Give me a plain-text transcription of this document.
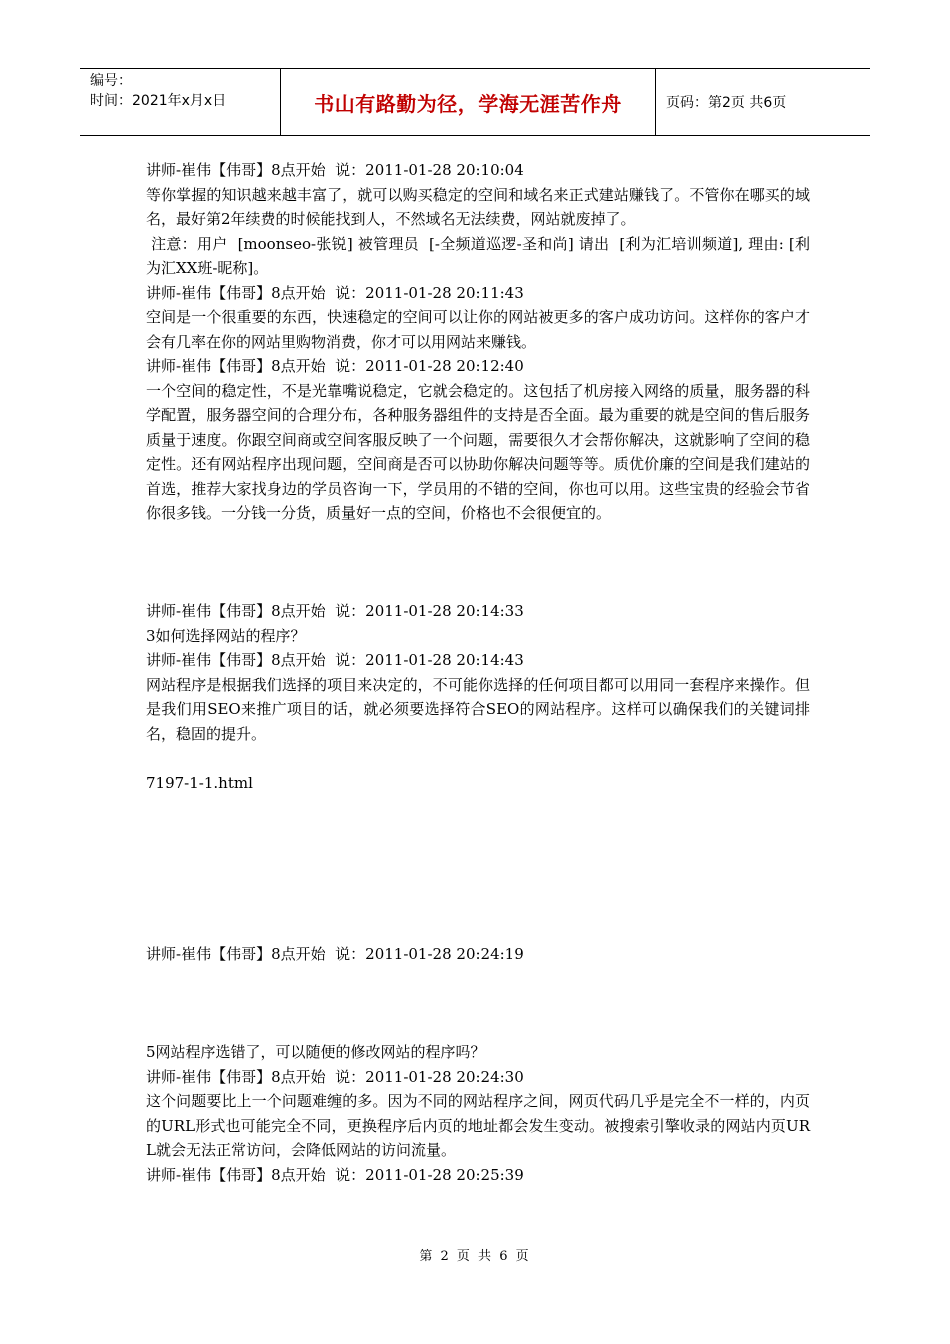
编号：
时间：2021年x月x日	书山有路勤为径，学海无涯苦作舟	页码：第2页 共6页

讲师-崔伟【伟哥】8点开始  说：2011-01-28 20:10:04

等你掌握的知识越来越丰富了，就可以购买稳定的空间和域名来正式建站赚钱了。不管你在哪买的域名，最好第2年续费的时候能找到人，不然域名无法续费，网站就废掉了。

注意：用户  [moonseo-张锐] 被管理员  [-全频道巡逻-圣和尚] 请出  [利为汇培训频道], 理由: [利为汇XX班-昵称]。

讲师-崔伟【伟哥】8点开始  说：2011-01-28 20:11:43

空间是一个很重要的东西，快速稳定的空间可以让你的网站被更多的客户成功访问。这样你的客户才会有几率在你的网站里购物消费，你才可以用网站来赚钱。

讲师-崔伟【伟哥】8点开始  说：2011-01-28 20:12:40

一个空间的稳定性，不是光靠嘴说稳定，它就会稳定的。这包括了机房接入网络的质量，服务器的科学配置，服务器空间的合理分布，各种服务器组件的支持是否全面。最为重要的就是空间的售后服务质量于速度。你跟空间商或空间客服反映了一个问题，需要很久才会帮你解决，这就影响了空间的稳定性。还有网站程序出现问题，空间商是否可以协助你解决问题等等。质优价廉的空间是我们建站的首选，推荐大家找身边的学员咨询一下，学员用的不错的空间，你也可以用。这些宝贵的经验会节省你很多钱。一分钱一分货，质量好一点的空间，价格也不会很便宜的。

讲师-崔伟【伟哥】8点开始  说：2011-01-28 20:14:33

3如何选择网站的程序？

讲师-崔伟【伟哥】8点开始  说：2011-01-28 20:14:43

网站程序是根据我们选择的项目来决定的，不可能你选择的任何项目都可以用同一套程序来操作。但是我们用SEO来推广项目的话，就必须要选择符合SEO的网站程序。这样可以确保我们的关键词排名，稳固的提升。

7197-1-1.html

讲师-崔伟【伟哥】8点开始  说：2011-01-28 20:24:19

5网站程序选错了，可以随便的修改网站的程序吗？

讲师-崔伟【伟哥】8点开始  说：2011-01-28 20:24:30

这个问题要比上一个问题难缠的多。因为不同的网站程序之间，网页代码几乎是完全不一样的，内页的URL形式也可能完全不同，更换程序后内页的地址都会发生变动。被搜索引擎收录的网站内页URL就会无法正常访问，会降低网站的访问流量。

讲师-崔伟【伟哥】8点开始  说：2011-01-28 20:25:39

第 2 页 共 6 页
